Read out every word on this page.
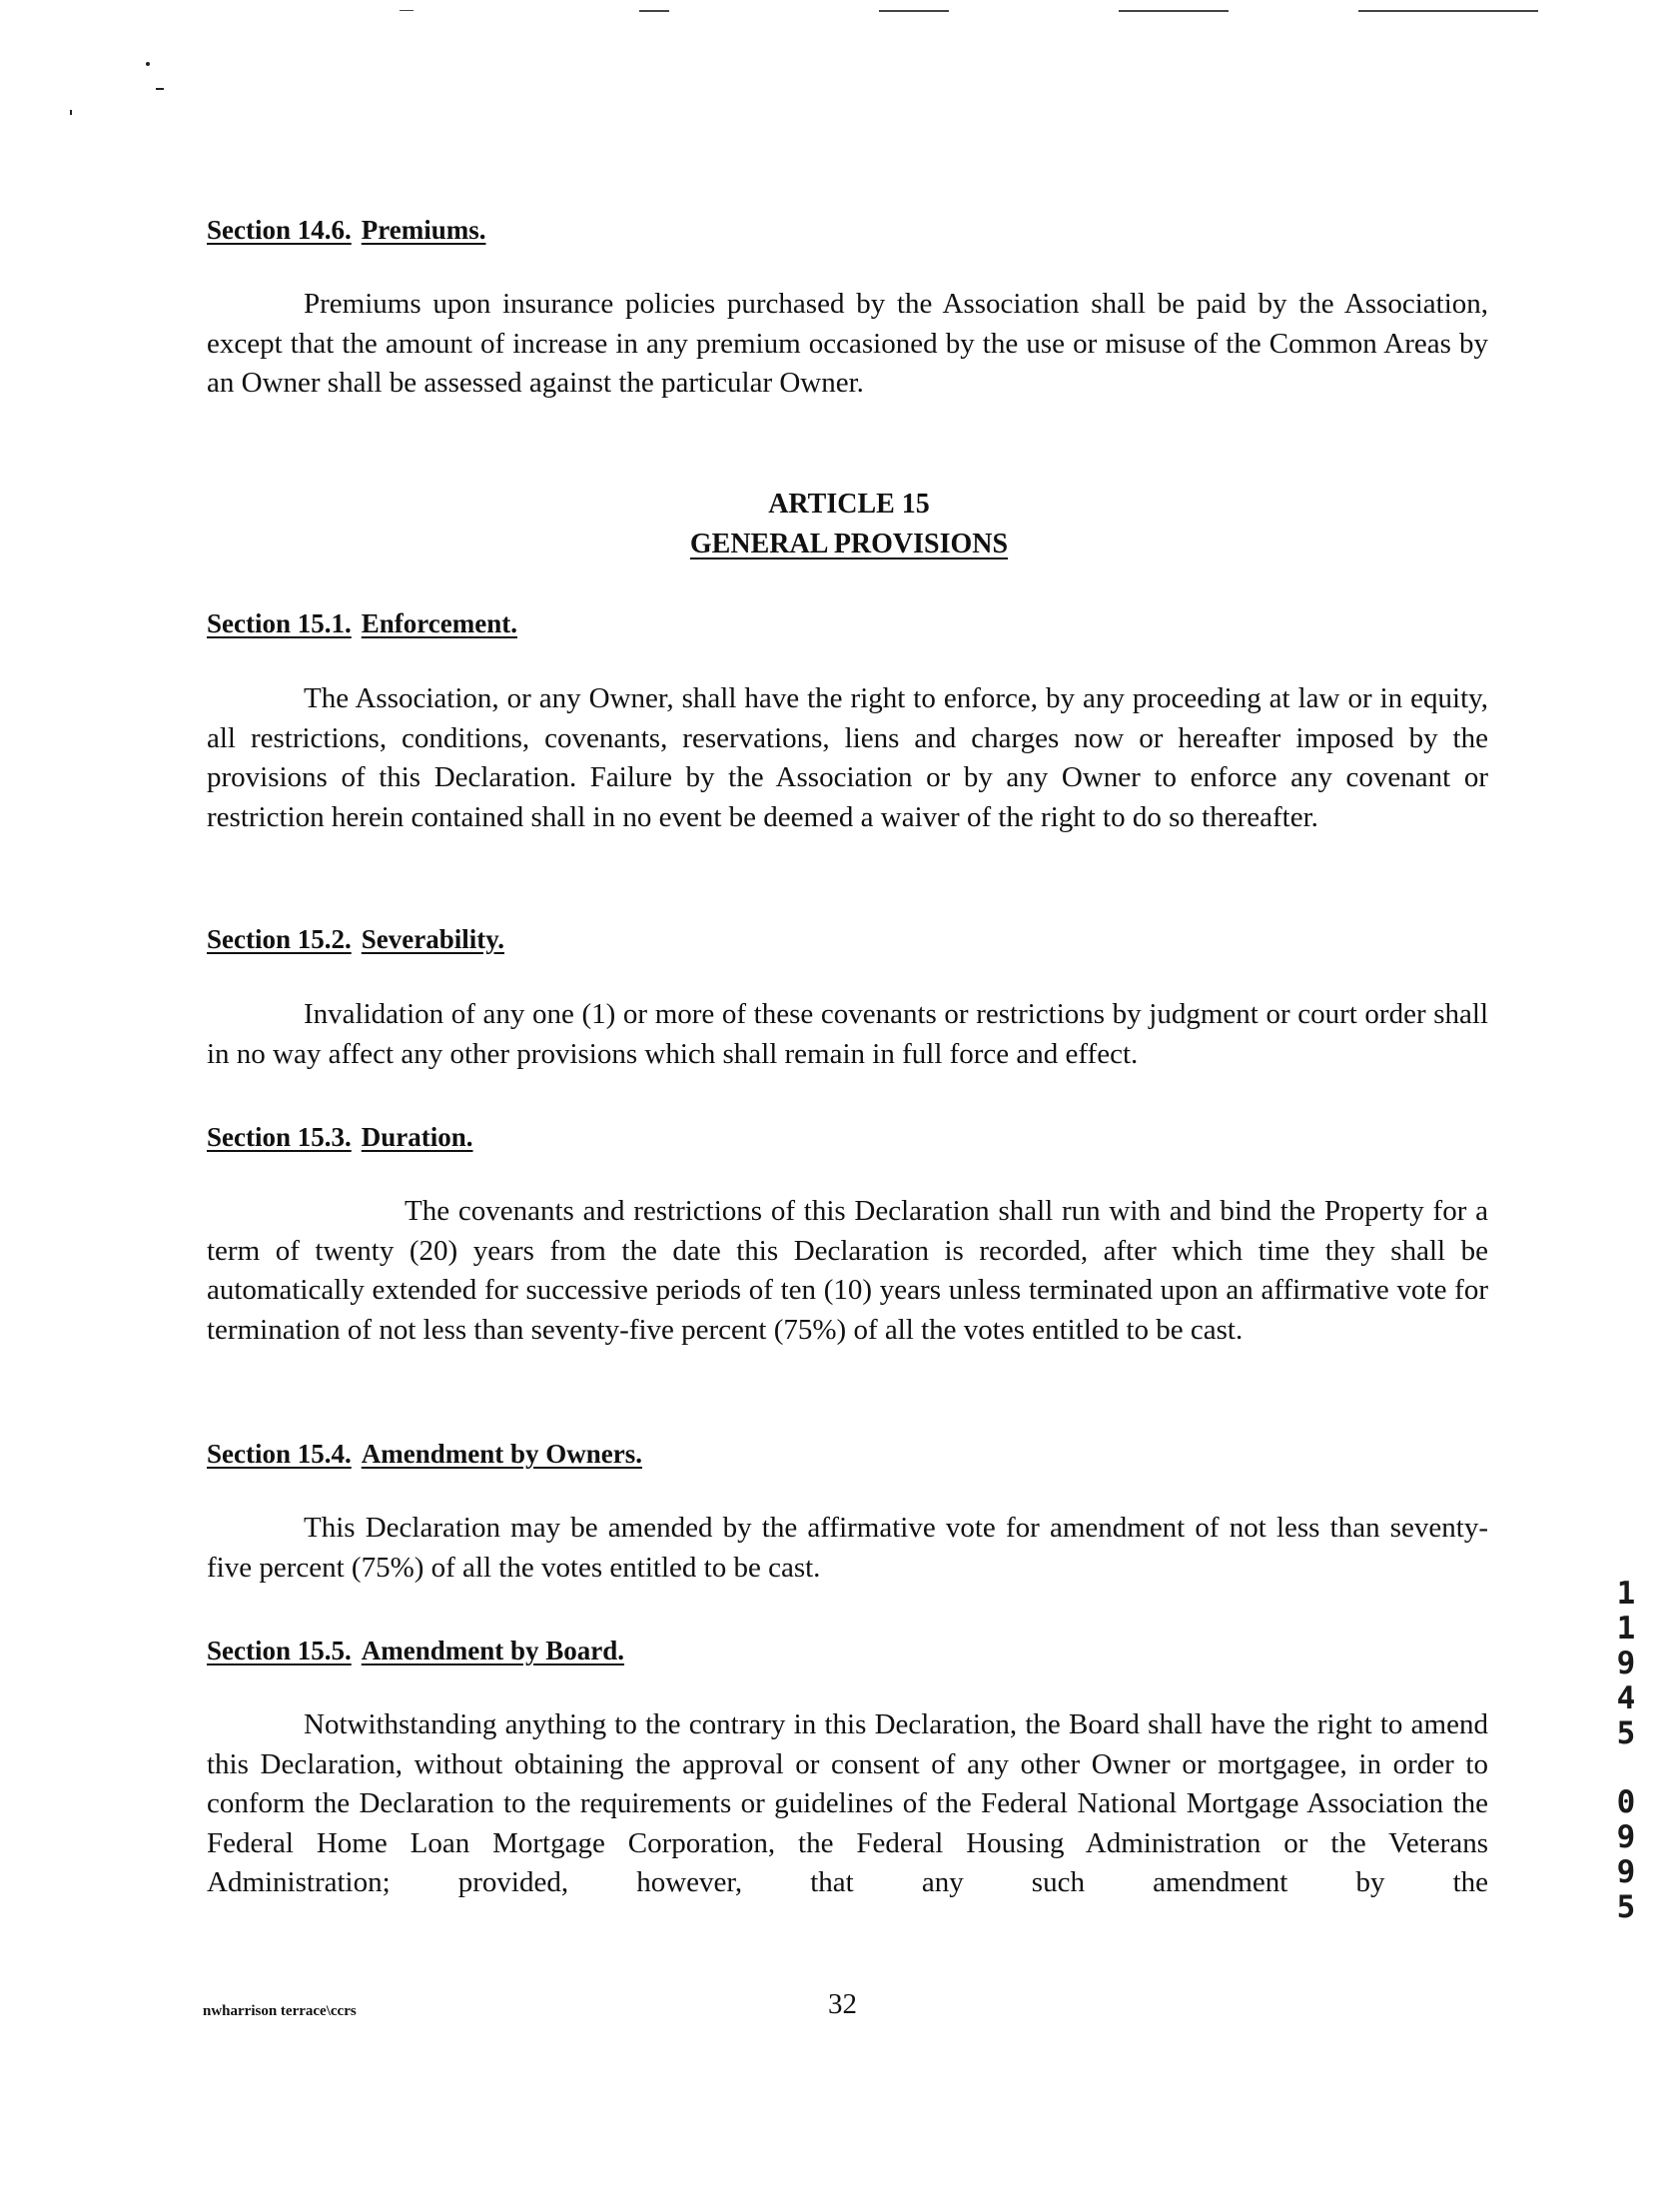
Section 14.6. Premiums.

Premiums upon insurance policies purchased by the Association shall be paid by the Association, except that the amount of increase in any premium occasioned by the use or misuse of the Common Areas by an Owner shall be assessed against the particular Owner.

ARTICLE 15
GENERAL PROVISIONS
Section 15.1. Enforcement.

The Association, or any Owner, shall have the right to enforce, by any proceeding at law or in equity, all restrictions, conditions, covenants, reservations, liens and charges now or hereafter imposed by the provisions of this Declaration. Failure by the Association or by any Owner to enforce any covenant or restriction herein contained shall in no event be deemed a waiver of the right to do so thereafter.

Section 15.2. Severability.

Invalidation of any one (1) or more of these covenants or restrictions by judgment or court order shall in no way affect any other provisions which shall remain in full force and effect.

Section 15.3. Duration.

The covenants and restrictions of this Declaration shall run with and bind the Property for a term of twenty (20) years from the date this Declaration is recorded, after which time they shall be automatically extended for successive periods of ten (10) years unless terminated upon an affirmative vote for termination of not less than seventy-five percent (75%) of all the votes entitled to be cast.

Section 15.4. Amendment by Owners.

This Declaration may be amended by the affirmative vote for amendment of not less than seventy-five percent (75%) of all the votes entitled to be cast.

Section 15.5. Amendment by Board.

Notwithstanding anything to the contrary in this Declaration, the Board shall have the right to amend this Declaration, without obtaining the approval or consent of any other Owner or mortgagee, in order to conform the Declaration to the requirements or guidelines of the Federal National Mortgage Association the Federal Home Loan Mortgage Corporation, the Federal Housing Administration or the Veterans Administration; provided, however, that any such amendment by the

nwharrison terrace\ccrs	32
1
1
9
4
5
0
9
9
5
